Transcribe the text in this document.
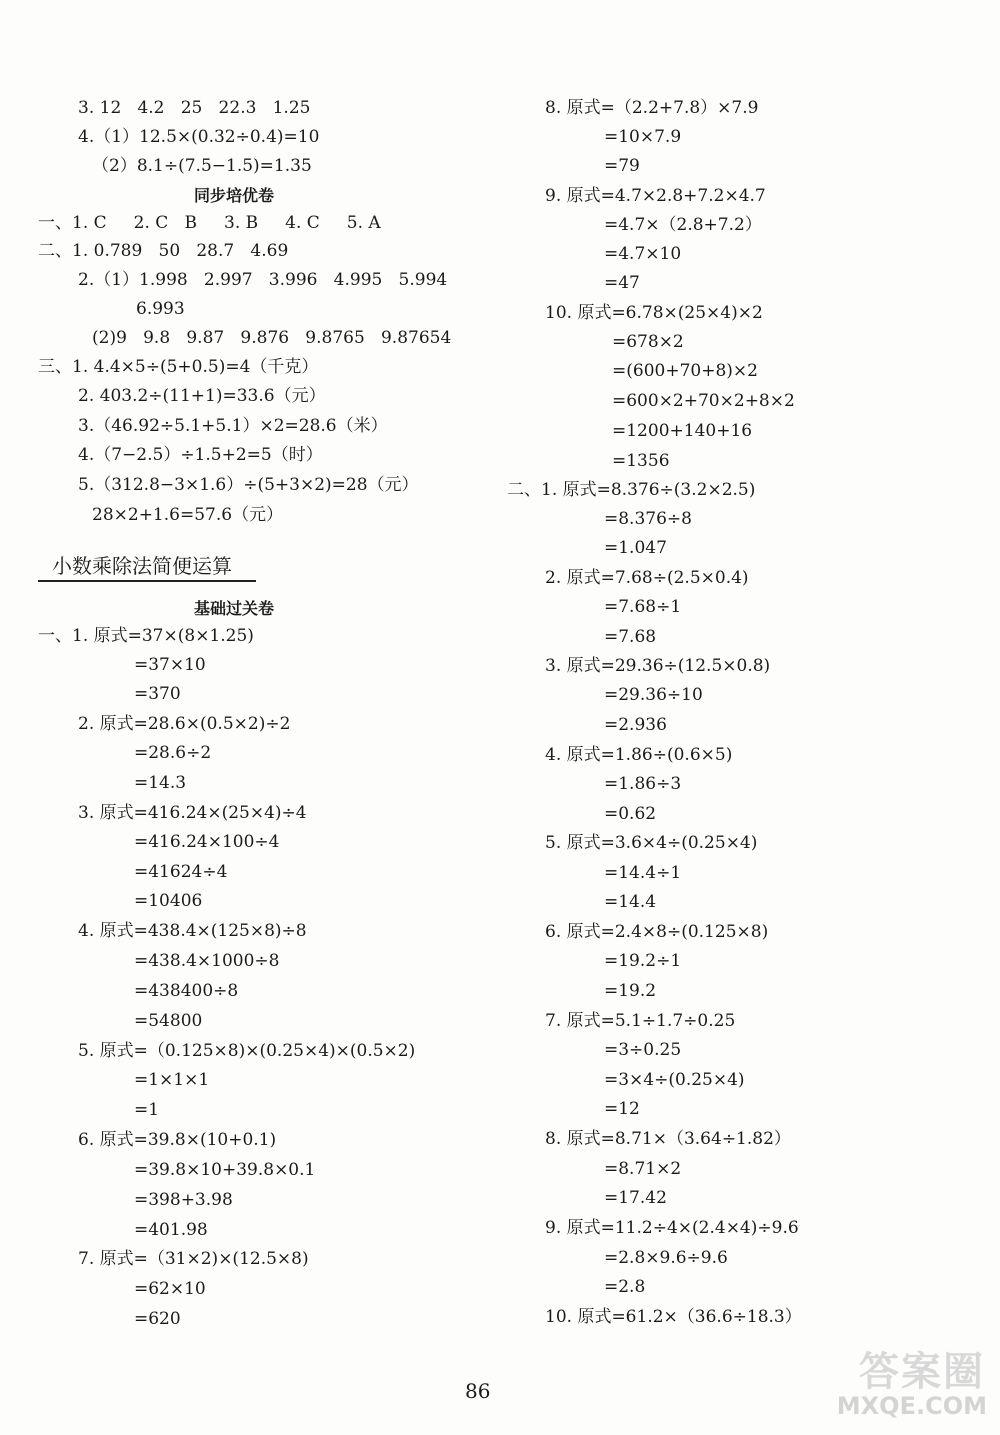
3. 12   4.2   25   22.3   1.25
4.（1）12.5×(0.32÷0.4)=10
（2）8.1÷(7.5−1.5)=1.35
同步培优卷
一、1. C     2. C   B     3. B     4. C     5. A
二、1. 0.789   50   28.7   4.69
2.（1）1.998   2.997   3.996   4.995   5.994
6.993
(2)9   9.8   9.87   9.876   9.8765   9.87654
三、1. 4.4×5÷(5+0.5)=4（千克）
2. 403.2÷(11+1)=33.6（元）
3.（46.92÷5.1+5.1）×2=28.6（米）
4.（7−2.5）÷1.5+2=5（时）
5.（312.8−3×1.6）÷(5+3×2)=28（元）
28×2+1.6=57.6（元）
基础过关卷
一、1. 原式=37×(8×1.25)
=37×10
=370
2. 原式=28.6×(0.5×2)÷2
=28.6÷2
=14.3
3. 原式=416.24×(25×4)÷4
=416.24×100÷4
=41624÷4
=10406
4. 原式=438.4×(125×8)÷8
=438.4×1000÷8
=438400÷8
=54800
5. 原式=（0.125×8)×(0.25×4)×(0.5×2)
=1×1×1
=1
6. 原式=39.8×(10+0.1)
=39.8×10+39.8×0.1
=398+3.98
=401.98
7. 原式=（31×2)×(12.5×8)
=62×10
=620
8. 原式=（2.2+7.8）×7.9
=10×7.9
=79
9. 原式=4.7×2.8+7.2×4.7
=4.7×（2.8+7.2）
=4.7×10
=47
10. 原式=6.78×(25×4)×2
=678×2
=(600+70+8)×2
=600×2+70×2+8×2
=1200+140+16
=1356
二、1. 原式=8.376÷(3.2×2.5)
=8.376÷8
=1.047
2. 原式=7.68÷(2.5×0.4)
=7.68÷1
=7.68
3. 原式=29.36÷(12.5×0.8)
=29.36÷10
=2.936
4. 原式=1.86÷(0.6×5)
=1.86÷3
=0.62
5. 原式=3.6×4÷(0.25×4)
=14.4÷1
=14.4
6. 原式=2.4×8÷(0.125×8)
=19.2÷1
=19.2
7. 原式=5.1÷1.7÷0.25
=3÷0.25
=3×4÷(0.25×4)
=12
8. 原式=8.71×（3.64÷1.82）
=8.71×2
=17.42
9. 原式=11.2÷4×(2.4×4)÷9.6
=2.8×9.6÷9.6
=2.8
10. 原式=61.2×（36.6÷18.3）
小数乘除法简便运算
86	答案圈
MXQE.COM
